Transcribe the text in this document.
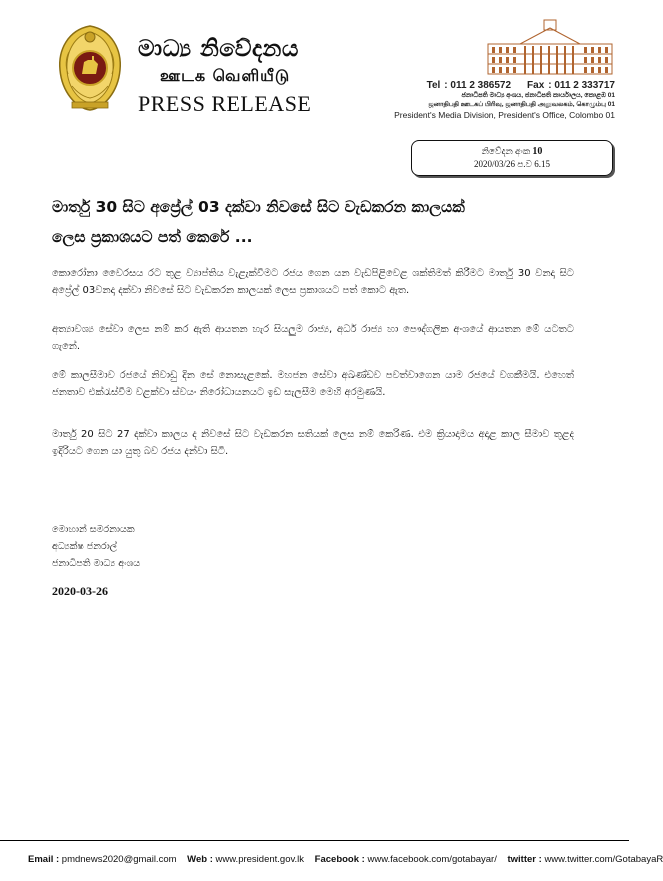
මාධ්‍ය නිවේදනය
ஊடக வெளியீடு
PRESS RELEASE
Tel : 011 2 386572 Fax : 011 2 333717
ජනාධිපති මාධ්‍ය අංශය, ජනාධිපති කාර්යාලය, කොළඹ 01
ஜனாதிபதி ஊடகப் பிரிவு, ஜனாதிபதி அலுவலகம், கொழும்பு 01
President's Media Division, President's Office, Colombo 01
නිවේදන අංක 10
2020/03/26 ප.ව 6.15
මාර්තු 30 සිට අප්‍රේල් 03 දක්වා නිවසේ සිට වැඩකරන කාලයක්
ලෙස ප්‍රකාශයට පත් කෙරේ ...

කොරෝනා වෛරසය රට තුළ ව්‍යාප්තිය වැළැක්වීමට රජය ගෙන යන වැඩපිළිවෙළ ශක්තිමත් කිරීමට මාර්තු 30 වනදා සිට අප්‍රේල් 03වනදා දක්වා නිවසේ සිට වැඩකරන කාලයක් ලෙස ප්‍රකාශයට පත් කොට ඇත.

අත්‍යාවශ්‍ය සේවා ලෙස නම් කර ඇති ආයතන හැර සියලුම රාජ්‍ය, අර්ධ රාජ්‍ය හා පෞද්ගලික අංශයේ ආයතන මේ යටතට ගැනේ.

මේ කාලසීමාව රජයේ නිවාඩු දින සේ නොසැළකේ. මහජන සේවා අඛණ්ඩව පවත්වාගෙන යාම රජයේ වගකීමයි. එහෙත් ජනතාව එක්රැස්වීම වළක්වා ස්වයං නිරෝධායනයට ඉඩ සැලසීම මෙහි අරමුණයි.

මාර්තු 20 සිට 27 දක්වා කාලය ද නිවසේ සිට වැඩකරන සතියක් ලෙස නම් කෙරිණ. එම ක්‍රියාදාමය අදාළ කාල සීමාව තුළද ඉදිරියට ගෙන යා යුතු බව රජය දන්වා සිටී.

මොහාන් සමරනායක
අධ්‍යක්ෂ ජනරාල්
ජනාධිපති මාධ්‍ය අංශය
2020-03-26
Email : pmdnews2020@gmail.com Web : www.president.gov.lk Facebook : www.facebook.com/gotabayar/ twitter : www.twitter.com/GotabayaR
